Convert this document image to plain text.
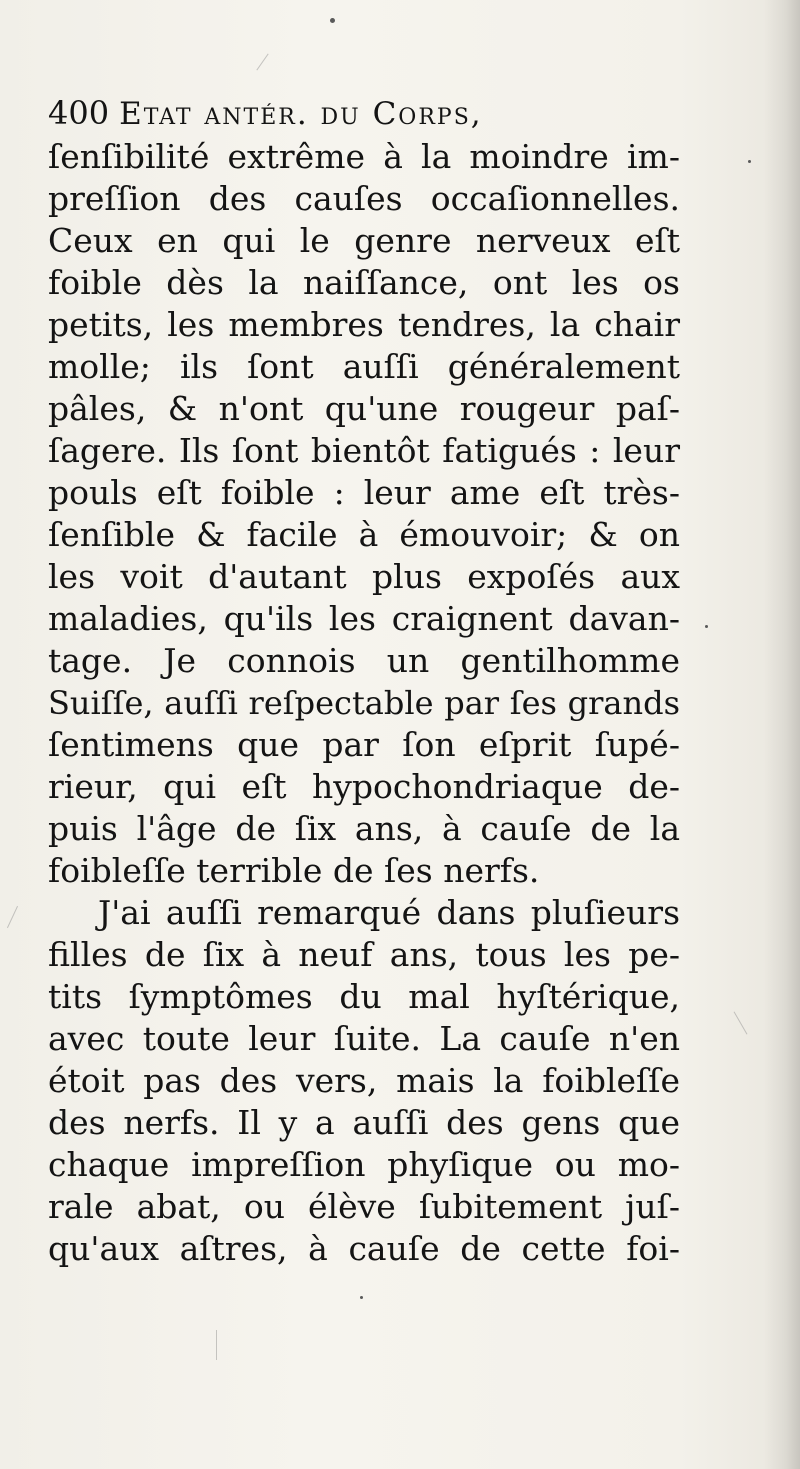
400 Etat antér. du Corps,
ſenſibilité extrême à la moindre im-
preſſion des cauſes occaſionnelles.
Ceux en qui le genre nerveux eſt
foible dès la naiſſance, ont les os
petits, les membres tendres, la chair
molle; ils ſont auſſi généralement
pâles, & n'ont qu'une rougeur paſ-
ſagere. Ils ſont bientôt fatigués : leur
pouls eſt foible : leur ame eſt très-
ſenſible & facile à émouvoir; & on
les voit d'autant plus expoſés aux
maladies, qu'ils les craignent davan-
tage. Je connois un gentilhomme
Suiſſe, auſſi reſpectable par ſes grands
ſentimens que par ſon eſprit ſupé-
rieur, qui eſt hypochondriaque de-
puis l'âge de ſix ans, à cauſe de la
foibleſſe terrible de ſes nerfs.
J'ai auſſi remarqué dans pluſieurs
filles de ſix à neuf ans, tous les pe-
tits ſymptômes du mal hyſtérique,
avec toute leur ſuite. La cauſe n'en
étoit pas des vers, mais la foibleſſe
des nerfs. Il y a auſſi des gens que
chaque impreſſion phyſique ou mo-
rale abat, ou élève ſubitement juſ-
qu'aux aſtres, à cauſe de cette foi-
